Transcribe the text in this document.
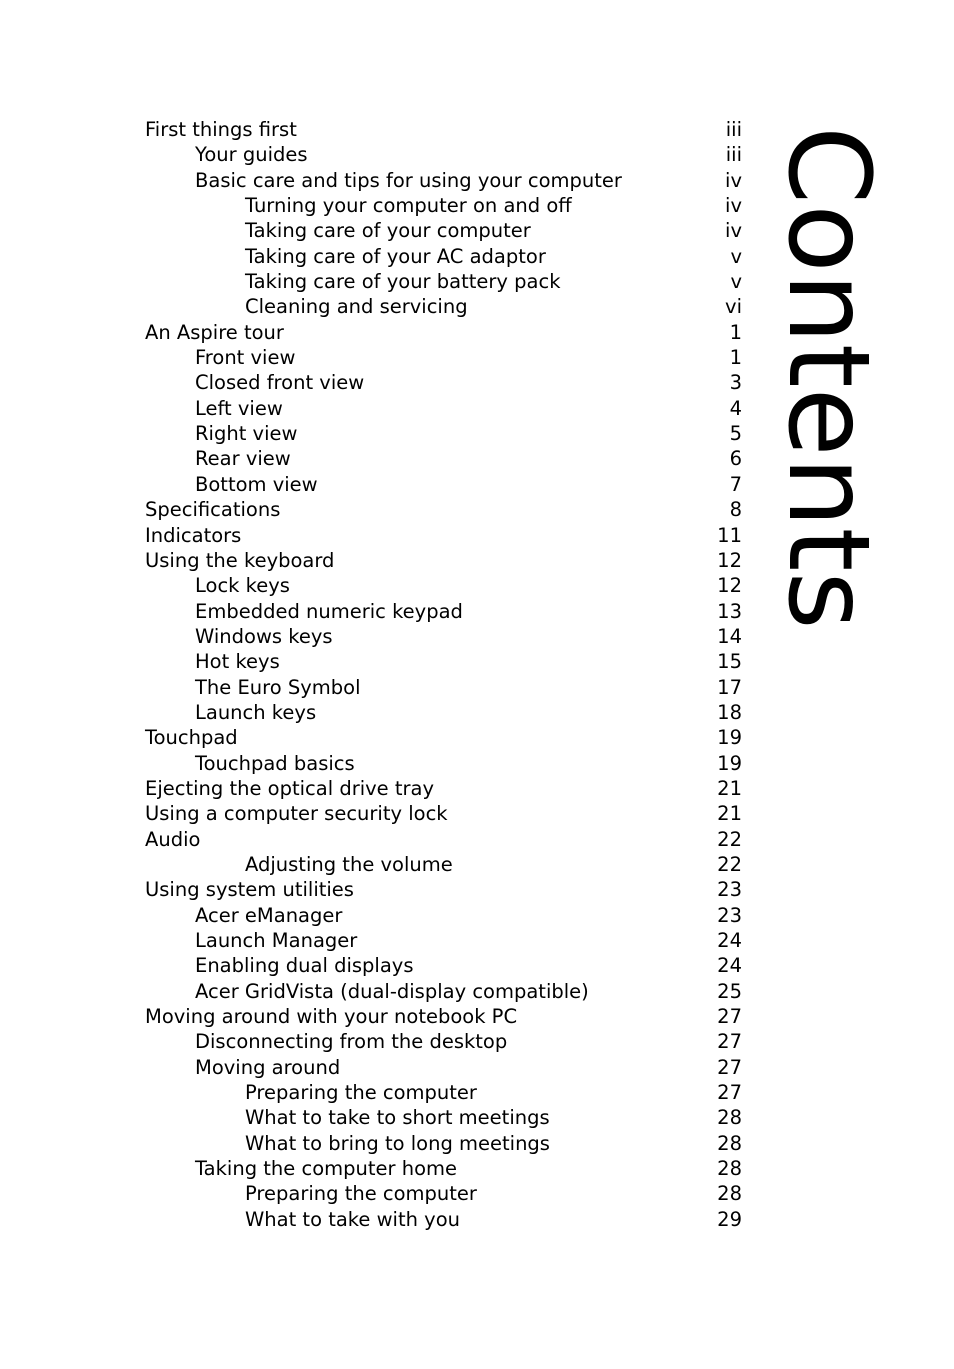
First things first	iii
Your guides	iii
Basic care and tips for using your computer	iv
Turning your computer on and off	iv
Taking care of your computer	iv
Taking care of your AC adaptor	v
Taking care of your battery pack	v
Cleaning and servicing	vi
An Aspire tour	1
Front view	1
Closed front view	3
Left view	4
Right view	5
Rear view	6
Bottom view	7
Specifications	8
Indicators	11
Using the keyboard	12
Lock keys	12
Embedded numeric keypad	13
Windows keys	14
Hot keys	15
The Euro Symbol	17
Launch keys	18
Touchpad	19
Touchpad basics	19
Ejecting the optical drive tray	21
Using a computer security lock	21
Audio	22
Adjusting the volume	22
Using system utilities	23
Acer eManager	23
Launch Manager	24
Enabling dual displays	24
Acer GridVista (dual-display compatible)	25
Moving around with your notebook PC	27
Disconnecting from the desktop	27
Moving around	27
Preparing the computer	27
What to take to short meetings	28
What to bring to long meetings	28
Taking the computer home	28
Preparing the computer	28
What to take with you	29
Contents
